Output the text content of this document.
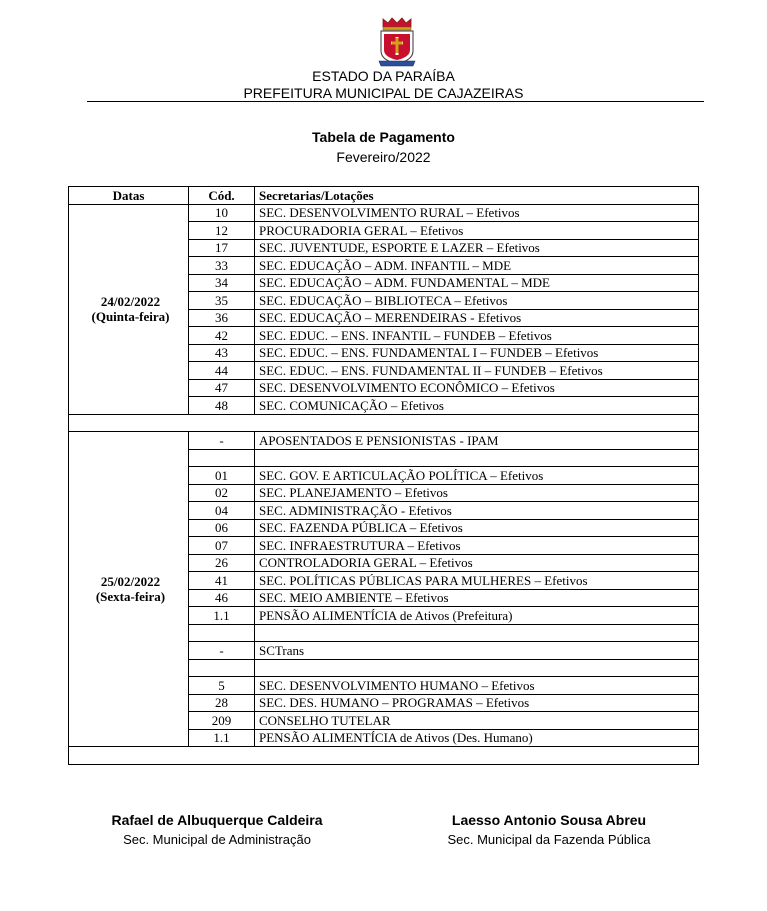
ESTADO DA PARAÍBA
PREFEITURA MUNICIPAL DE CAJAZEIRAS
Tabela de Pagamento
Fevereiro/2022
Datas	Cód.	Secretarias/Lotações

24/02/2022
(Quinta-feira)	10	SEC. DESENVOLVIMENTO RURAL – Efetivos
	12	PROCURADORIA GERAL – Efetivos
	17	SEC. JUVENTUDE, ESPORTE E LAZER – Efetivos
	33	SEC. EDUCAÇÃO – ADM. INFANTIL – MDE
	34	SEC. EDUCAÇÃO – ADM. FUNDAMENTAL – MDE
	35	SEC. EDUCAÇÃO – BIBLIOTECA – Efetivos
	36	SEC. EDUCAÇÃO – MERENDEIRAS - Efetivos
	42	SEC. EDUC. – ENS. INFANTIL – FUNDEB – Efetivos
	43	SEC. EDUC. – ENS. FUNDAMENTAL I – FUNDEB – Efetivos
	44	SEC. EDUC. – ENS. FUNDAMENTAL II – FUNDEB – Efetivos
	47	SEC. DESENVOLVIMENTO ECONÔMICO – Efetivos
	48	SEC. COMUNICAÇÃO – Efetivos

25/02/2022
(Sexta-feira)	-	APOSENTADOS E PENSIONISTAS - IPAM

	01	SEC. GOV. E ARTICULAÇÃO POLÍTICA – Efetivos
	02	SEC. PLANEJAMENTO – Efetivos
	04	SEC. ADMINISTRAÇÃO - Efetivos
	06	SEC. FAZENDA PÚBLICA – Efetivos
	07	SEC. INFRAESTRUTURA – Efetivos
	26	CONTROLADORIA GERAL – Efetivos
	41	SEC. POLÍTICAS PÚBLICAS PARA MULHERES – Efetivos
	46	SEC. MEIO AMBIENTE – Efetivos
	1.1	PENSÃO ALIMENTÍCIA de Ativos (Prefeitura)

	-	SCTrans

	5	SEC. DESENVOLVIMENTO HUMANO – Efetivos
	28	SEC. DES. HUMANO – PROGRAMAS – Efetivos
	209	CONSELHO TUTELAR
	1.1	PENSÃO ALIMENTÍCIA de Ativos (Des. Humano)

Rafael de Albuquerque Caldeira
Sec. Municipal de Administração
Laesso Antonio Sousa Abreu
Sec. Municipal da Fazenda Pública
